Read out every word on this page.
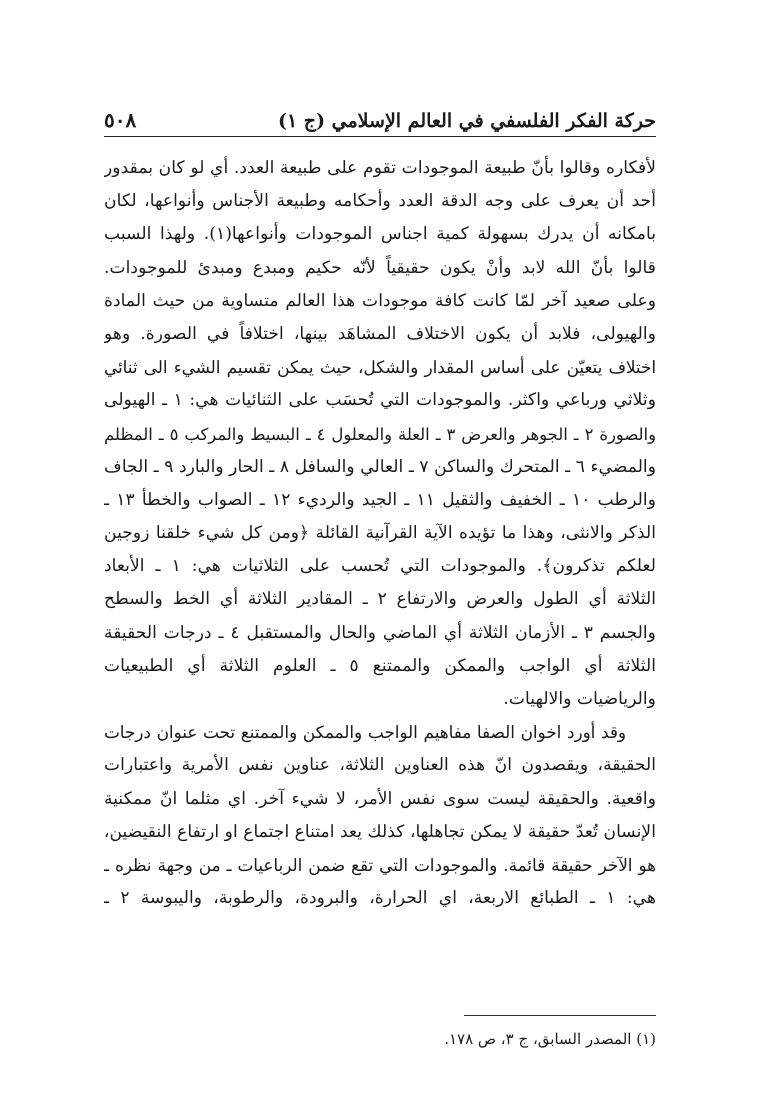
حركة الفكر الفلسفي في العالم الإسلامي (ج ١)
٥٠٨
لأفكاره وقالوا بأنّ طبيعة الموجودات تقوم على طبيعة العدد. أي لو كان بمقدور
أحد أن يعرف على وجه الدقة العدد وأحكامه وطبيعة الأجناس وأنواعها، لكان
بامكانه أن يدرك بسهولة كمية اجناس الموجودات وأنواعها(١). ولهذا السبب
قالوا بأنّ الله لابد وأنْ يكون حقيقياً لأنّه حكيم ومبدع ومبدئ للموجودات.
وعلى صعيد آخر لمّا كانت كافة موجودات هذا العالم متساوية من حيث المادة
والهيولى، فلابد أن يكون الاختلاف المشاهَد بينها، اختلافاً في الصورة. وهو
اختلاف يتعيّن على أساس المقدار والشكل، حيث يمكن تقسيم الشيء الى ثنائي
وثلاثي ورباعي واكثر. والموجودات التي تُحسَب على الثنائيات هي: ١ ـ الهيولى
والصورة ٢ ـ الجوهر والعرض ٣ ـ العلة والمعلول ٤ ـ البسيط والمركب ٥ ـ المظلم
والمضيء ٦ ـ المتحرك والساكن ٧ ـ العالي والسافل ٨ ـ الحار والبارد ٩ ـ الجاف
والرطب ١٠ ـ الخفيف والثقيل ١١ ـ الجيد والرديء ١٢ ـ الصواب والخطأ ١٣ ـ
الذكر والانثى، وهذا ما تؤيده الآية القرآنية القائلة ﴿ومن كل شيء خلقنا زوجين
لعلكم تذكرون﴾. والموجودات التي تُحسب على الثلاثيات هي: ١ ـ الأبعاد
الثلاثة أي الطول والعرض والارتفاع ٢ ـ المقادير الثلاثة أي الخط والسطح
والجسم ٣ ـ الأزمان الثلاثة أي الماضي والحال والمستقبل ٤ ـ درجات الحقيقة
الثلاثة أي الواجب والممكن والممتنع ٥ ـ العلوم الثلاثة أي الطبيعيات
والرياضيات والالهيات.
وقد أورد اخوان الصفا مفاهيم الواجب والممكن والممتنع تحت عنوان درجات
الحقيقة، ويقصدون انّ هذه العناوين الثلاثة، عناوين نفس الأمرية واعتبارات
واقعية. والحقيقة ليست سوى نفس الأمر، لا شيء آخر. اي مثلما انّ ممكنية
الإنسان تُعدّ حقيقة لا يمكن تجاهلها، كذلك يعد امتناع اجتماع او ارتفاع النقيضين،
هو الآخر حقيقة قائمة. والموجودات التي تقع ضمن الرباعيات ـ من وجهة نظره ـ
هي: ١ ـ الطبائع الاربعة، اي الحرارة، والبرودة، والرطوبة، واليبوسة ٢ ـ
(١) المصدر السابق، ج ٣، ص ١٧٨.
